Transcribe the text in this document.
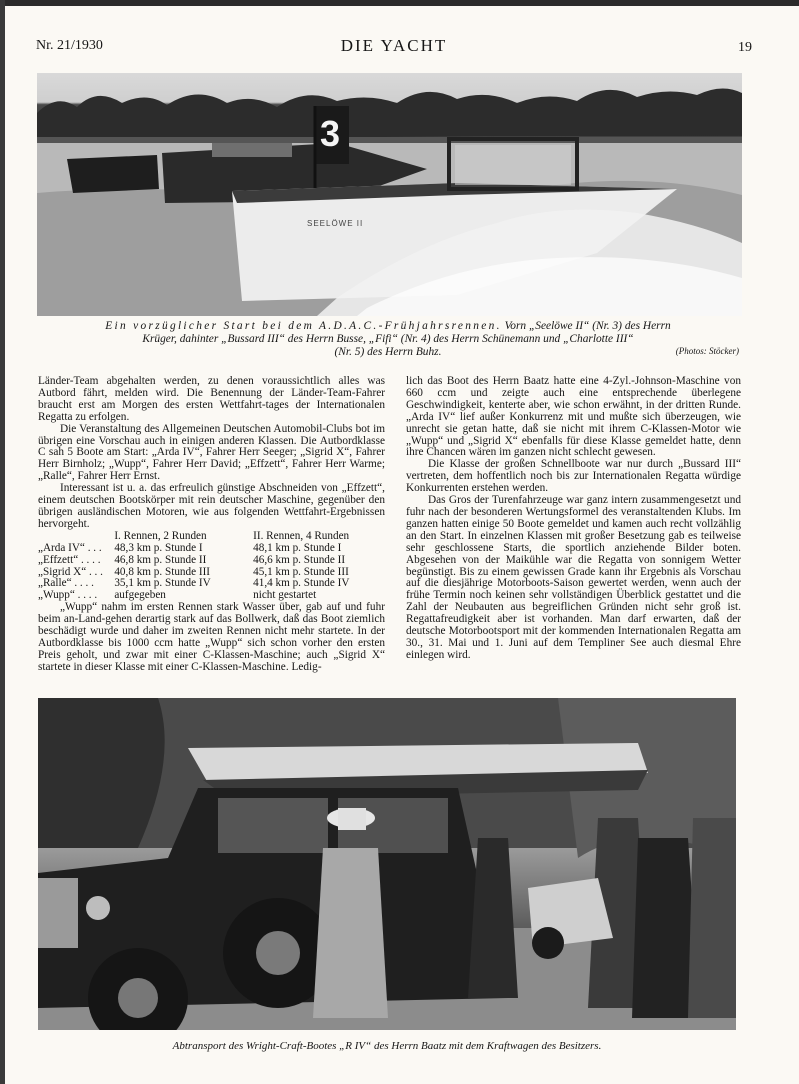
Nr. 21/1930	DIE YACHT	19
3
SEELÖWE II
Ein vorzüglicher Start bei dem A.D.A.C.-Frühjahrsrennen. Vorn „Seelöwe II“ (Nr. 3) des Herrn
Krüger, dahinter „Bussard III“ des Herrn Busse, „Fifi“ (Nr. 4) des Herrn Schünemann und „Charlotte III“
(Nr. 5) des Herrn Buhz.	(Photos: Stöcker)

Länder-Team abgehalten werden, zu denen voraussichtlich alles was Autbord fährt, melden wird. Die Benennung der Länder-Team-Fahrer braucht erst am Morgen des ersten Wettfahrt-tages der Internationalen Regatta zu erfolgen.

Die Veranstaltung des Allgemeinen Deutschen Automobil-Clubs bot im übrigen eine Vorschau auch in einigen anderen Klassen. Die Autbordklasse C sah 5 Boote am Start: „Arda IV“, Fahrer Herr Seeger; „Sigrid X“, Fahrer Herr Birnholz; „Wupp“, Fahrer Herr David; „Effzett“, Fahrer Herr Warme; „Ralle“, Fahrer Herr Ernst.

Interessant ist u. a. das erfreulich günstige Abschneiden von „Effzett“, einem deutschen Bootskörper mit rein deutscher Maschine, gegenüber den übrigen ausländischen Motoren, wie aus folgenden Wettfahrt-Ergebnissen hervorgeht.

	I. Rennen, 2 Runden	II. Rennen, 4 Runden
„Arda IV“ . . .	48,3 km p. Stunde I	48,1 km p. Stunde I
„Effzett“ . . . .	46,8 km p. Stunde II	46,6 km p. Stunde II
„Sigrid X“ . . .	40,8 km p. Stunde III	45,1 km p. Stunde III
„Ralle“ . . . .	35,1 km p. Stunde IV	41,4 km p. Stunde IV
„Wupp“ . . . .	aufgegeben	nicht gestartet

„Wupp“ nahm im ersten Rennen stark Wasser über, gab auf und fuhr beim an-Land-gehen derartig stark auf das Bollwerk, daß das Boot ziemlich beschädigt wurde und daher im zweiten Rennen nicht mehr startete. In der Autbordklasse bis 1000 ccm hatte „Wupp“ sich schon vorher den ersten Preis geholt, und zwar mit einer C-Klassen-Maschine; auch „Sigrid X“ startete in dieser Klasse mit einer C-Klassen-Maschine. Ledig-

lich das Boot des Herrn Baatz hatte eine 4-Zyl.-Johnson-Maschine von 660 ccm und zeigte auch eine entsprechende überlegene Geschwindigkeit, kenterte aber, wie schon erwähnt, in der dritten Runde. „Arda IV“ lief außer Konkurrenz mit und mußte sich überzeugen, wie unrecht sie getan hatte, daß sie nicht mit ihrem C-Klassen-Motor wie „Wupp“ und „Sigrid X“ ebenfalls für diese Klasse gemeldet hatte, denn ihre Chancen wären im ganzen nicht schlecht gewesen.

Die Klasse der großen Schnellboote war nur durch „Bussard III“ vertreten, dem hoffentlich noch bis zur Internationalen Regatta würdige Konkurrenten erstehen werden.

Das Gros der Turenfahrzeuge war ganz intern zusammengesetzt und fuhr nach der besonderen Wertungsformel des veranstaltenden Klubs. Im ganzen hatten einige 50 Boote gemeldet und kamen auch recht vollzählig an den Start. In einzelnen Klassen mit großer Besetzung gab es teilweise sehr geschlossene Starts, die sportlich anziehende Bilder boten. Abgesehen von der Maikühle war die Regatta von sonnigem Wetter begünstigt. Bis zu einem gewissen Grade kann ihr Ergebnis als Vorschau auf die diesjährige Motorboots-Saison gewertet werden, wenn auch der frühe Termin noch keinen sehr vollständigen Überblick gestattet und die Zahl der Neubauten aus begreiflichen Gründen nicht sehr groß ist. Regattafreudigkeit aber ist vorhanden. Man darf erwarten, daß der deutsche Motorbootsport mit der kommenden Internationalen Regatta am 30., 31. Mai und 1. Juni auf dem Templiner See auch diesmal Ehre einlegen wird.

Abtransport des Wright-Craft-Bootes „R IV“ des Herrn Baatz mit dem Kraftwagen des Besitzers.
